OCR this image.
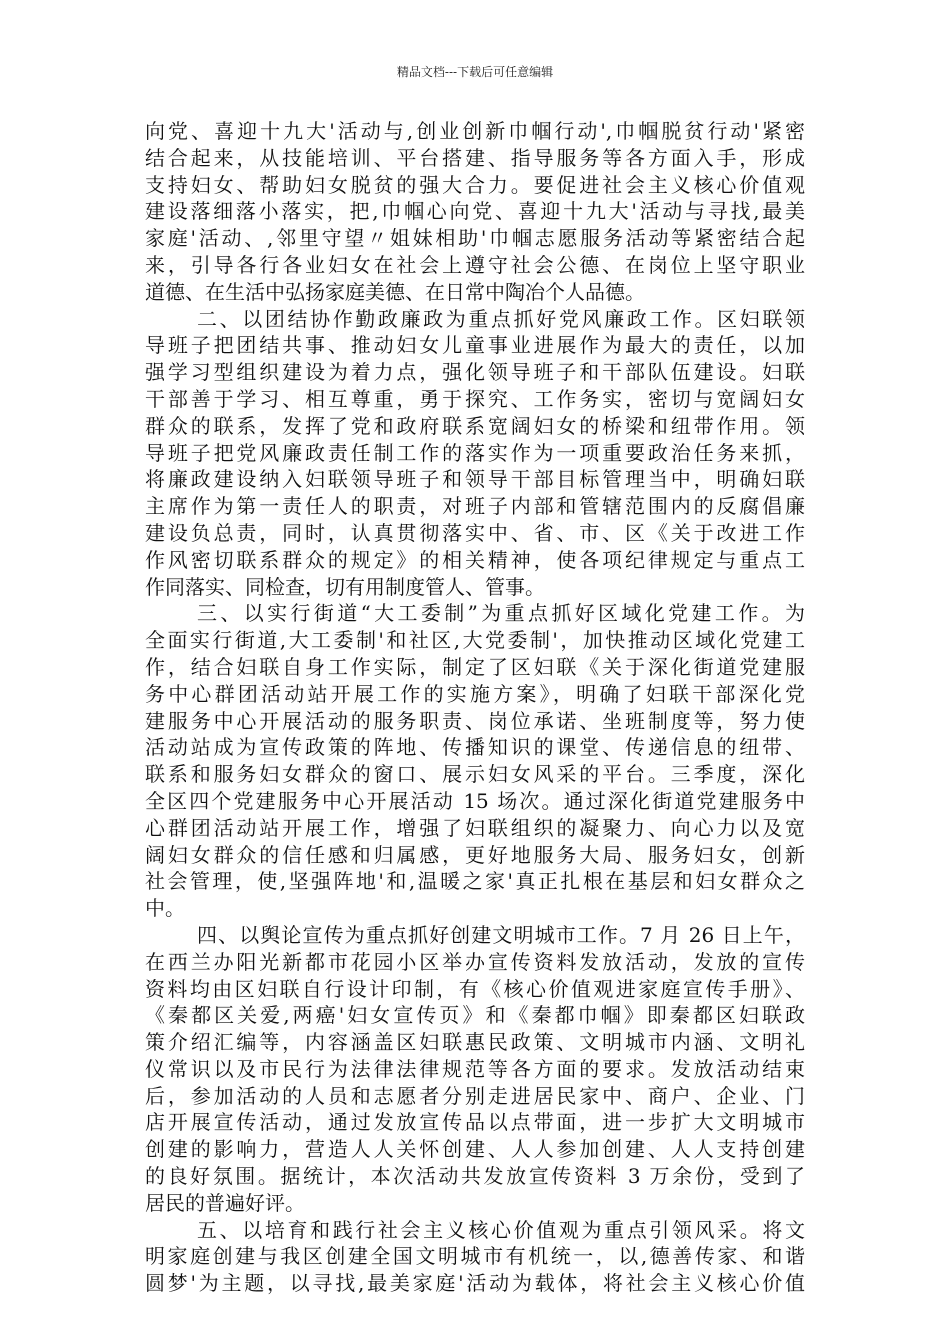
精品文档---下载后可任意编辑
向党、喜迎十九大'活动与,创业创新巾帼行动',巾帼脱贫行动'紧密
结合起来，从技能培训、平台搭建、指导服务等各方面入手，形成
支持妇女、帮助妇女脱贫的强大合力。要促进社会主义核心价值观
建设落细落小落实，把,巾帼心向党、喜迎十九大'活动与寻找,最美
家庭'活动、,邻里守望〃姐妹相助'巾帼志愿服务活动等紧密结合起
来，引导各行各业妇女在社会上遵守社会公德、在岗位上坚守职业
道德、在生活中弘扬家庭美德、在日常中陶冶个人品德。
二、以团结协作勤政廉政为重点抓好党风廉政工作。区妇联领
导班子把团结共事、推动妇女儿童事业进展作为最大的责任，以加
强学习型组织建设为着力点，强化领导班子和干部队伍建设。妇联
干部善于学习、相互尊重，勇于探究、工作务实，密切与宽阔妇女
群众的联系，发挥了党和政府联系宽阔妇女的桥梁和纽带作用。领
导班子把党风廉政责任制工作的落实作为一项重要政治任务来抓，
将廉政建设纳入妇联领导班子和领导干部目标管理当中，明确妇联
主席作为第一责任人的职责，对班子内部和管辖范围内的反腐倡廉
建设负总责，同时，认真贯彻落实中、省、市、区《关于改进工作
作风密切联系群众的规定》的相关精神，使各项纪律规定与重点工
作同落实、同检查，切有用制度管人、管事。
三、以实行街道“大工委制”为重点抓好区域化党建工作。为
全面实行街道,大工委制'和社区,大党委制'，加快推动区域化党建工
作，结合妇联自身工作实际，制定了区妇联《关于深化街道党建服
务中心群团活动站开展工作的实施方案》，明确了妇联干部深化党
建服务中心开展活动的服务职责、岗位承诺、坐班制度等，努力使
活动站成为宣传政策的阵地、传播知识的课堂、传递信息的纽带、
联系和服务妇女群众的窗口、展示妇女风采的平台。三季度，深化
全区四个党建服务中心开展活动 15 场次。通过深化街道党建服务中
心群团活动站开展工作，增强了妇联组织的凝聚力、向心力以及宽
阔妇女群众的信任感和归属感，更好地服务大局、服务妇女，创新
社会管理，使,坚强阵地'和,温暖之家'真正扎根在基层和妇女群众之
中。
四、以舆论宣传为重点抓好创建文明城市工作。7 月 26 日上午，
在西兰办阳光新都市花园小区举办宣传资料发放活动，发放的宣传
资料均由区妇联自行设计印制，有《核心价值观进家庭宣传手册》、
《秦都区关爱,两癌'妇女宣传页》和《秦都巾帼》即秦都区妇联政
策介绍汇编等，内容涵盖区妇联惠民政策、文明城市内涵、文明礼
仪常识以及市民行为法律法律规范等各方面的要求。发放活动结束
后，参加活动的人员和志愿者分别走进居民家中、商户、企业、门
店开展宣传活动，通过发放宣传品以点带面，进一步扩大文明城市
创建的影响力，营造人人关怀创建、人人参加创建、人人支持创建
的良好氛围。据统计，本次活动共发放宣传资料 3 万余份，受到了
居民的普遍好评。
五、以培育和践行社会主义核心价值观为重点引领风采。将文
明家庭创建与我区创建全国文明城市有机统一，以,德善传家、和谐
圆梦'为主题，以寻找,最美家庭'活动为载体，将社会主义核心价值
